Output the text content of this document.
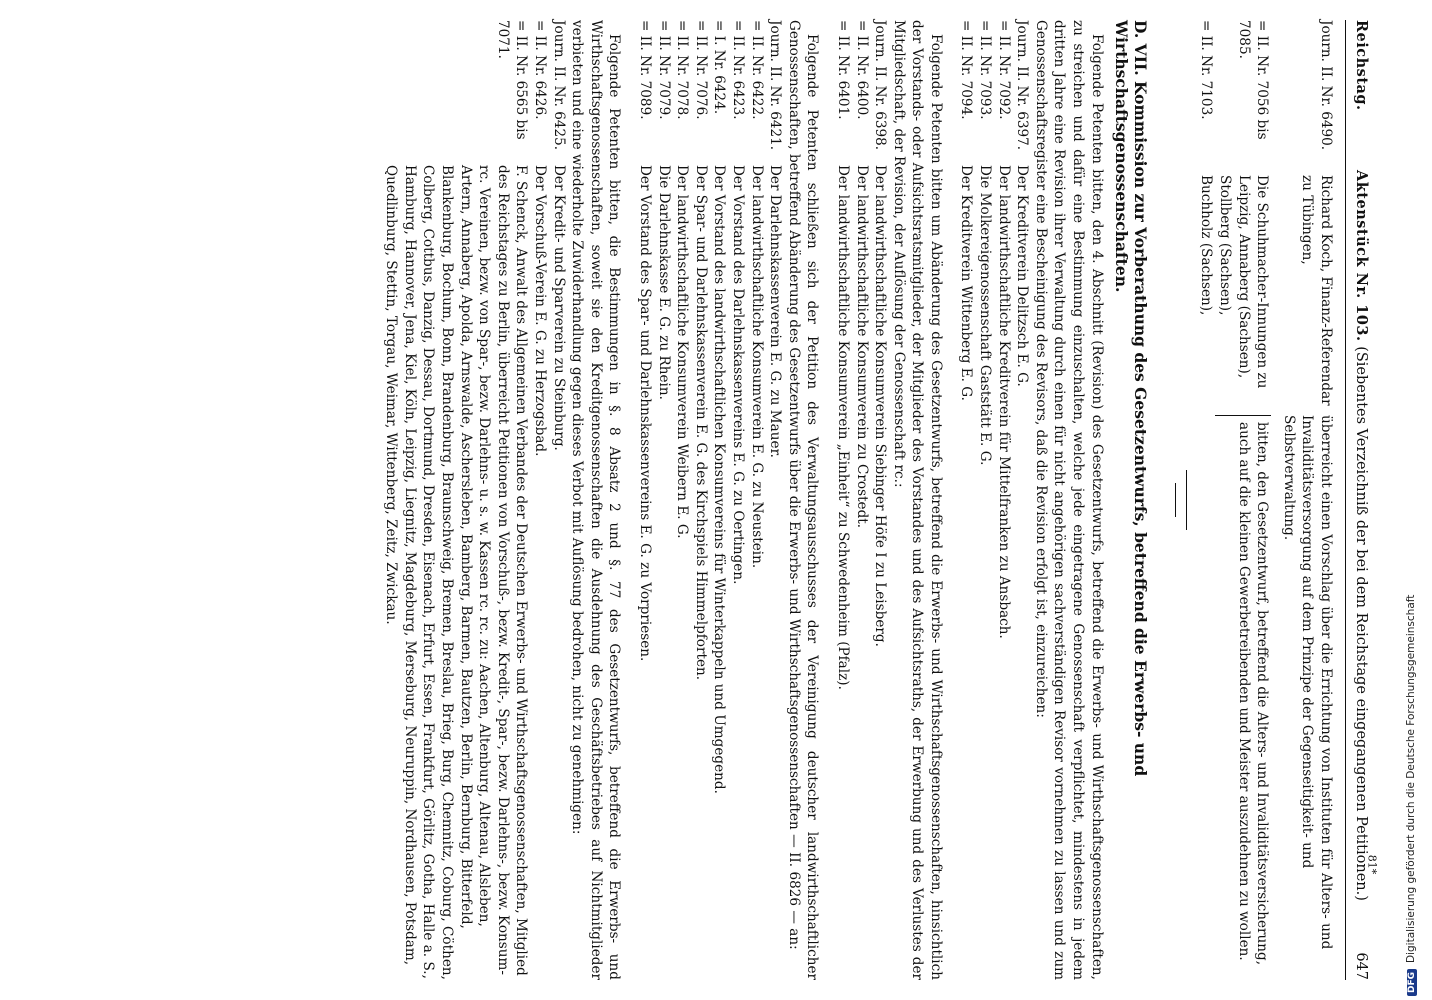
Reichstag.
Aktenstück Nr. 103. (Siebentes Verzeichniß der bei dem Reichstage eingegangenen Petitionen.)
647
Journ. II. Nr. 6490.
Richard Koch, Finanz-Referendar zu Tübingen,
überreicht einen Vorschlag über die Errichtung von Instituten für Alters- und Invaliditätsversorgung auf dem Prinzipe der Gegenseitigkeit- und Selbstverwaltung.
= II. Nr. 7056 bis 7085.
Die Schuhmacher-Innungen zu Leipzig, Annaberg (Sachsen), Stollberg (Sachsen),
bitten, den Gesetzentwurf, betreffend die Alters- und Invaliditätsversicherung, auch auf die kleinen Gewerbetreibenden und Meister auszudehnen zu wollen.
= II. Nr. 7103.
Buchholz (Sachsen),
D. VII. Kommission zur Vorberathung des Gesetzentwurfs, betreffend die Erwerbs- und Wirthschaftsgenossenschaften.

Folgende Petenten bitten, den 4. Abschnitt (Revision) des Gesetzentwurfs, betreffend die Erwerbs- und Wirthschaftsgenossenschaften, zu streichen und dafür eine Bestimmung einzuschalten, welche jede eingetragene Genossenschaft verpflichtet, mindestens in jedem dritten Jahre eine Revision ihrer Verwaltung durch einen für nicht angehörigen sachverständigen Revisor vornehmen zu lassen und zum Genossenschaftsregister eine Bescheinigung des Revisors, daß die Revision erfolgt ist, einzureichen:

Journ. II. Nr. 6397.
Der Kreditverein Delitzsch E. G.
= II. Nr. 7092.
Der landwirthschaftliche Kreditverein für Mittelfranken zu Ansbach.
= II. Nr. 7093.
Die Molkereigenossenschaft Gaststätt E. G.
= II. Nr. 7094.
Der Kreditverein Wittenberg E. G.

Folgende Petenten bitten um Abänderung des Gesetzentwurfs, betreffend die Erwerbs- und Wirthschaftsgenossenschaften, hinsichtlich der Vorstands- oder Aufsichtsratsmitglieder, der Mitglieder des Vorstandes und des Aufsichtsraths, der Erwerbung und des Verlustes der Mitgliedschaft, der Revision, der Auflösung der Genossenschaft rc.:

Journ. II. Nr. 6398.
Der landwirthschaftliche Konsumverein Siebinger Höfe I zu Leisberg.
= II. Nr. 6400.
Der landwirthschaftliche Konsumverein zu Crostedt.
= II. Nr. 6401.
Der landwirthschaftliche Konsumverein „Einheit“ zu Schwedenheim (Pfalz).

Folgende Petenten schließen sich der Petition des Verwaltungsausschusses der Vereinigung deutscher landwirthschaftlicher Genossenschaften, betreffend Abänderung des Gesetzentwurfs über die Erwerbs- und Wirthschaftsgenossenschaften — II. 6826 — an:

Journ. II. Nr. 6421.
Der Darlehnskassenverein E. G. zu Mauer.
= II. Nr. 6422.
Der landwirthschaftliche Konsumverein E. G. zu Neustein.
= II. Nr. 6423.
Der Vorstand des Darlehnskassenvereins E. G. zu Oertingen.
= I. Nr. 6424.
Der Vorstand des landwirthschaftlichen Konsumvereins für Winterkappeln und Umgegend.
= II. Nr. 7076.
Der Spar- und Darlehnskassenverein E. G. des Kirchspiels Himmelpforten.
= II. Nr. 7078.
Der landwirthschaftliche Konsumverein Weibern E. G.
= II. Nr. 7079.
Die Darlehnskasse E. G. zu Rhein.
= II. Nr. 7089.
Der Vorstand des Spar- und Darlehnskassenvereins E. G. zu Vorpriesen.

Folgende Petenten bitten, die Bestimmungen in §. 8 Absatz 2 und §. 77 des Gesetzentwurfs, betreffend die Erwerbs- und Wirthschaftsgenossenschaften, soweit sie den Kreditgenossenschaften die Ausdehnung des Geschäftsbetriebes auf Nichtmitglieder verbieten und eine wiederholte Zuwiderhandlung gegen dieses Verbot mit Auflösung bedrohen, nicht zu genehmigen:

Journ. II. Nr. 6425.
Der Kredit- und Sparverein zu Steinburg.
= II. Nr. 6426.
Der Vorschuß-Verein E. G. zu Herzogsbad.
= II. Nr. 6565 bis 7071.
F. Schenck, Anwalt des Allgemeinen Verbandes der Deutschen Erwerbs- und Wirthschaftsgenossenschaften, Mitglied des Reichstages zu Berlin, überreicht Petitionen von Vorschuß-, bezw. Kredit-, Spar-, bezw. Darlehns-, bezw. Konsum- rc. Vereinen, bezw. von Spar-, bezw. Darlehns- u. s. w. Kassen rc. rc. zu: Aachen, Altenburg, Altenau, Alsleben, Artern, Annaberg, Apolda, Arnswalde, Aschersleben, Bamberg, Barmen, Bautzen, Berlin, Bernburg, Bitterfeld, Blankenburg, Bochum, Bonn, Brandenburg, Braunschweig, Bremen, Breslau, Brieg, Burg, Chemnitz, Coburg, Cöthen, Colberg, Cottbus, Danzig, Dessau, Dortmund, Dresden, Eisenach, Erfurt, Essen, Frankfurt, Görlitz, Gotha, Halle a. S., Hamburg, Hannover, Jena, Kiel, Köln, Leipzig, Liegnitz, Magdeburg, Merseburg, Neuruppin, Nordhausen, Potsdam, Quedlinburg, Stettin, Torgau, Weimar, Wittenberg, Zeitz, Zwickau.
81*
DFGDigitalisierung gefördert durch die Deutsche Forschungsgemeinschaft
